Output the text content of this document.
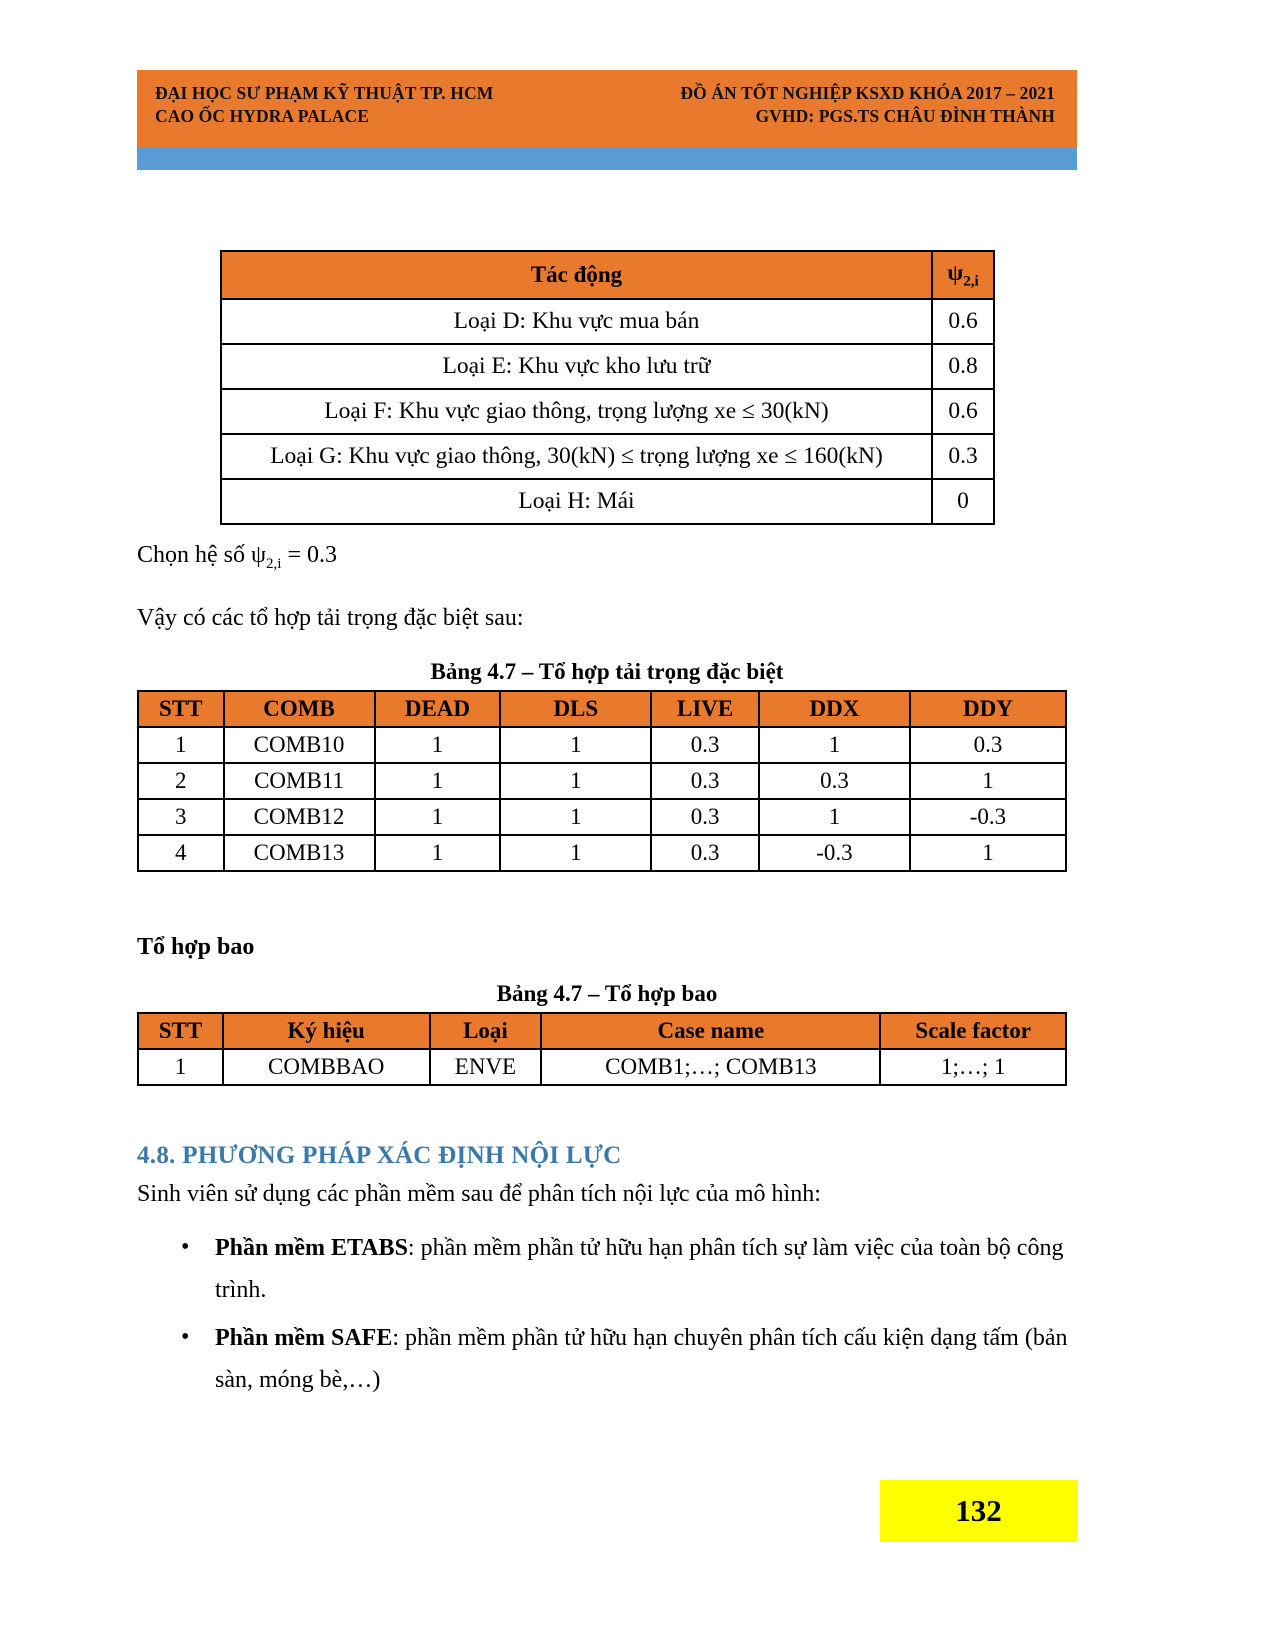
ĐẠI HỌC SƯ PHẠM KỸ THUẬT TP. HCM
CAO ỐC HYDRA PALACE
ĐỒ ÁN TỐT NGHIỆP KSXD KHÓA 2017 – 2021
GVHD: PGS.TS CHÂU ĐÌNH THÀNH
Tác động	$\psi_{2,i}$
Loại D: Khu vực mua bán	0.6
Loại E: Khu vực kho lưu trữ	0.8
Loại F: Khu vực giao thông, trọng lượng xe ≤ 30(kN)	0.6
Loại G: Khu vực giao thông, 30(kN) ≤ trọng lượng xe ≤ 160(kN)	0.3
Loại H: Mái	0

Chọn hệ số $\psi_{2,i} = 0.3$

Vậy có các tổ hợp tải trọng đặc biệt sau:

Bảng 4.7 – Tổ hợp tải trọng đặc biệt
STT	COMB	DEAD	DLS	LIVE	DDX	DDY
1	COMB10	1	1	0.3	1	0.3
2	COMB11	1	1	0.3	0.3	1
3	COMB12	1	1	0.3	1	-0.3
4	COMB13	1	1	0.3	-0.3	1
Tổ hợp bao
Bảng 4.7 – Tổ hợp bao
STT	Ký hiệu	Loại	Case name	Scale factor
1	COMBBAO	ENVE	COMB1;…; COMB13	1;…; 1
4.8. PHƯƠNG PHÁP XÁC ĐỊNH NỘI LỰC

Sinh viên sử dụng các phần mềm sau để phân tích nội lực của mô hình:

• Phần mềm ETABS: phần mềm phần tử hữu hạn phân tích sự làm việc của toàn bộ công trình.
• Phần mềm SAFE: phần mềm phần tử hữu hạn chuyên phân tích cấu kiện dạng tấm (bản sàn, móng bè,…)
132
